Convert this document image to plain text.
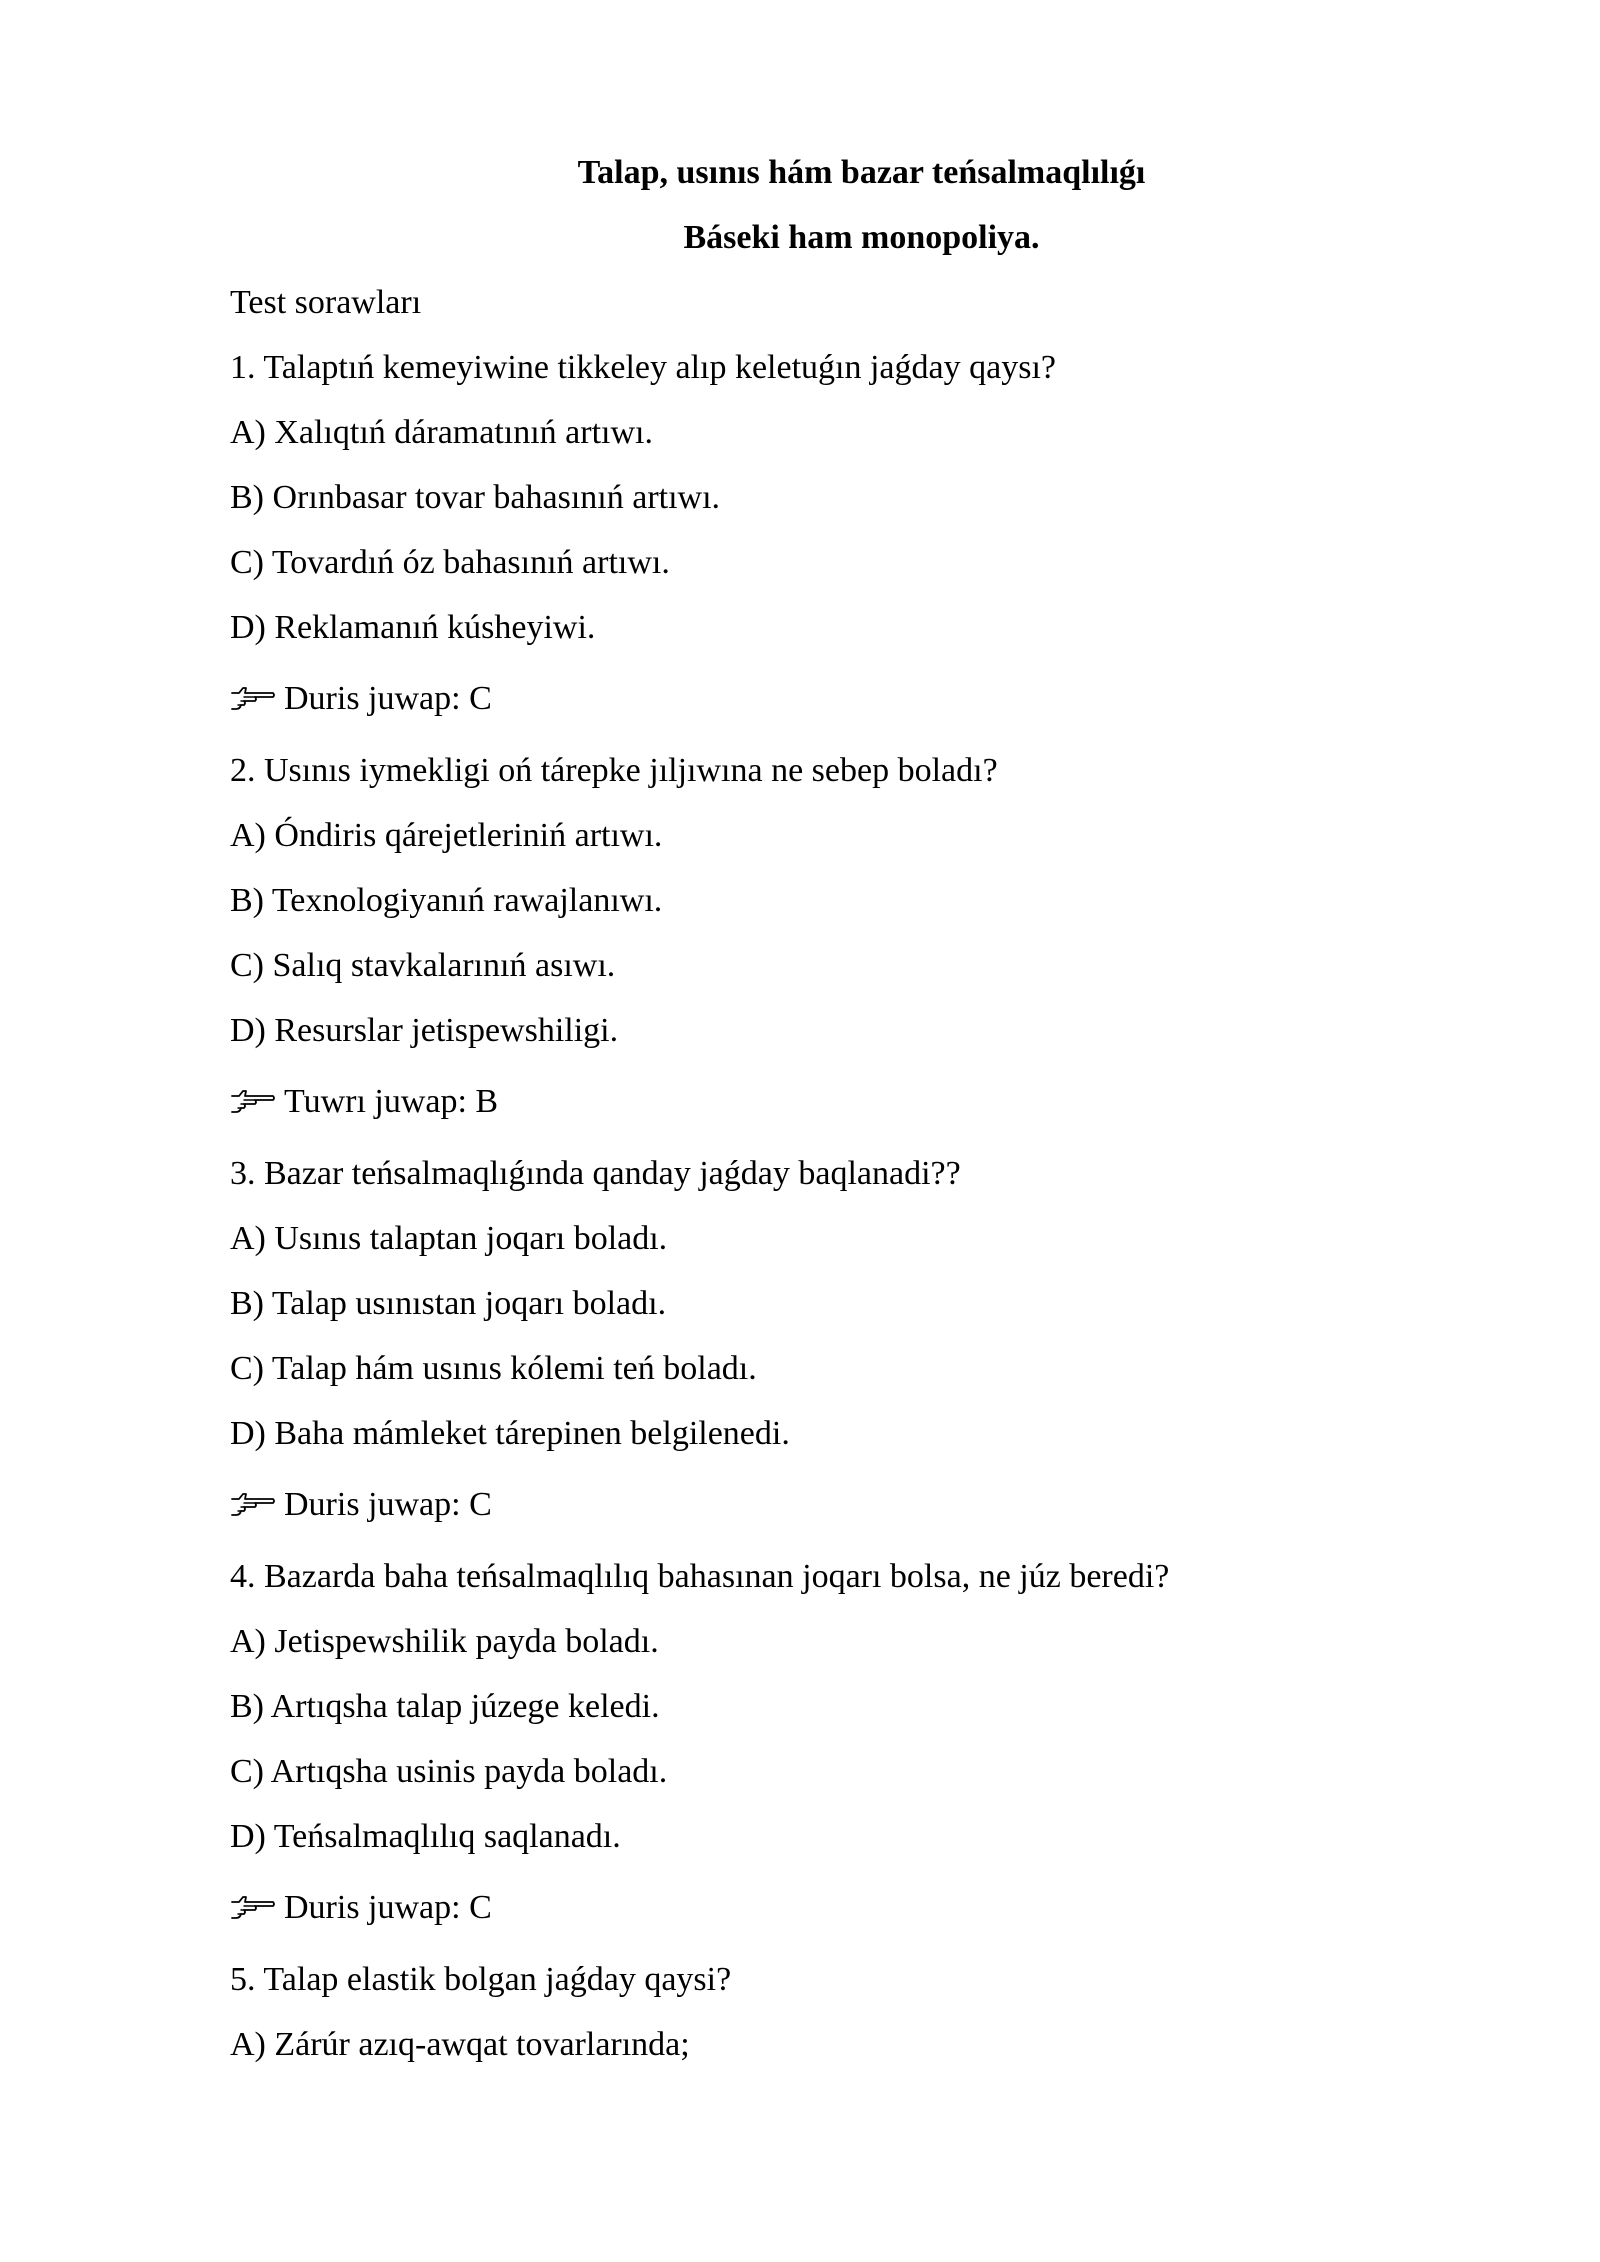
Talap, usınıs hám bazar teńsalmaqlılıǵı
Báseki ham monopoliya.
Test sorawları
1. Talaptıń kemeyiwine tikkeley alıp keletuǵın jaǵday qaysı?
A) Xalıqtıń dáramatınıń artıwı.
B) Orınbasar tovar bahasınıń artıwı.
C) Tovardıń óz bahasınıń artıwı.
D) Reklamanıń kúsheyiwi.
Duris juwap: C
2. Usınıs iymekligi oń tárepke jıljıwına ne sebep boladı?
A) Óndiris qárejetleriniń artıwı.
B) Texnologiyanıń rawajlanıwı.
C) Salıq stavkalarınıń asıwı.
D) Resurslar jetispewshiligi.
Tuwrı juwap: B
3. Bazar teńsalmaqlıǵında qanday jaǵday baqlanadi??
A) Usınıs talaptan joqarı boladı.
B) Talap usınıstan joqarı boladı.
C) Talap hám usınıs kólemi teń boladı.
D) Baha mámleket tárepinen belgilenedi.
Duris juwap: C
4. Bazarda baha teńsalmaqlılıq bahasınan joqarı bolsa, ne júz beredi?
A) Jetispewshilik payda boladı.
B) Artıqsha talap júzege keledi.
C) Artıqsha usinis payda boladı.
D) Teńsalmaqlılıq saqlanadı.
Duris juwap: C
5. Talap elastik bolgan jaǵday qaysi?
A) Zárúr azıq-awqat tovarlarında;
